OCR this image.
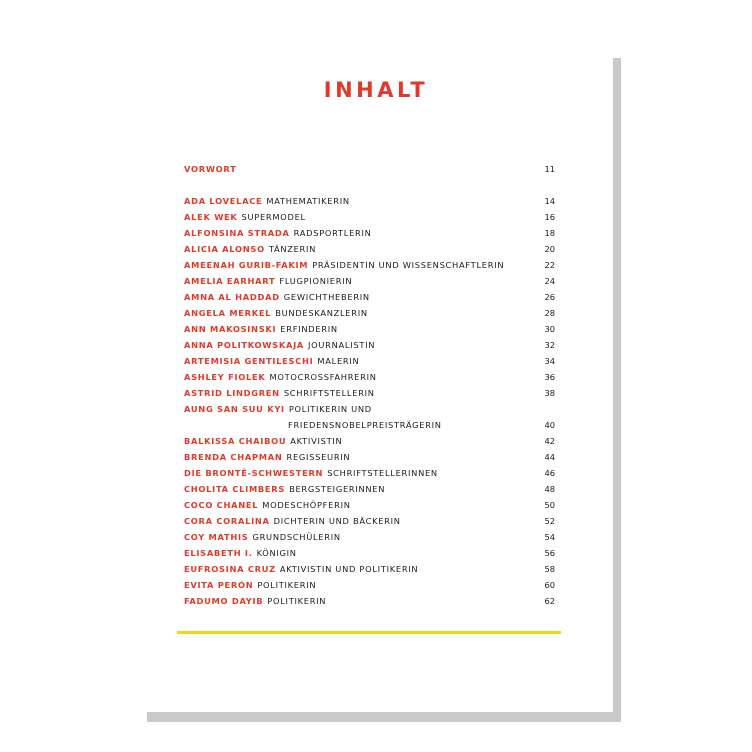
INHALT
VORWORT	11
ADA LOVELACE MATHEMATIKERIN	14
ALEK WEK SUPERMODEL	16
ALFONSINA STRADA RADSPORTLERIN	18
ALICIA ALONSO TÄNZERIN	20
AMEENAH GURIB-FAKIM PRÄSIDENTIN UND WISSENSCHAFTLERIN	22
AMELIA EARHART FLUGPIONIERIN	24
AMNA AL HADDAD GEWICHTHEBERIN	26
ANGELA MERKEL BUNDESKANZLERIN	28
ANN MAKOSINSKI ERFINDERIN	30
ANNA POLITKOWSKAJA JOURNALISTIN	32
ARTEMISIA GENTILESCHI MALERIN	34
ASHLEY FIOLEK MOTOCROSSFAHRERIN	36
ASTRID LINDGREN SCHRIFTSTELLERIN	38
AUNG SAN SUU KYI POLITIKERIN UND
FRIEDENSNOBELPREISTRÄGERIN	40
BALKISSA CHAIBOU AKTIVISTIN	42
BRENDA CHAPMAN REGISSEURIN	44
DIE BRONTË-SCHWESTERN SCHRIFTSTELLERINNEN	46
CHOLITA CLIMBERS BERGSTEIGERINNEN	48
COCO CHANEL MODESCHÖPFERIN	50
CORA CORALINA DICHTERIN UND BÄCKERIN	52
COY MATHIS GRUNDSCHÜLERIN	54
ELISABETH I. KÖNIGIN	56
EUFROSINA CRUZ AKTIVISTIN UND POLITIKERIN	58
EVITA PERÓN POLITIKERIN	60
FADUMO DAYIB POLITIKERIN	62
